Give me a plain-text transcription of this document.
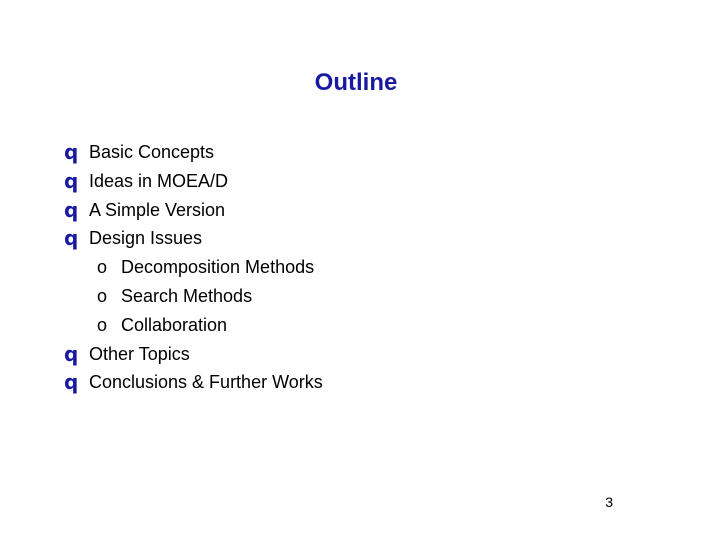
Outline
q Basic Concepts
q Ideas in MOEA/D
q A Simple Version
q Design Issues
o Decomposition Methods
o Search Methods
o Collaboration
q Other Topics
q Conclusions & Further Works
3
